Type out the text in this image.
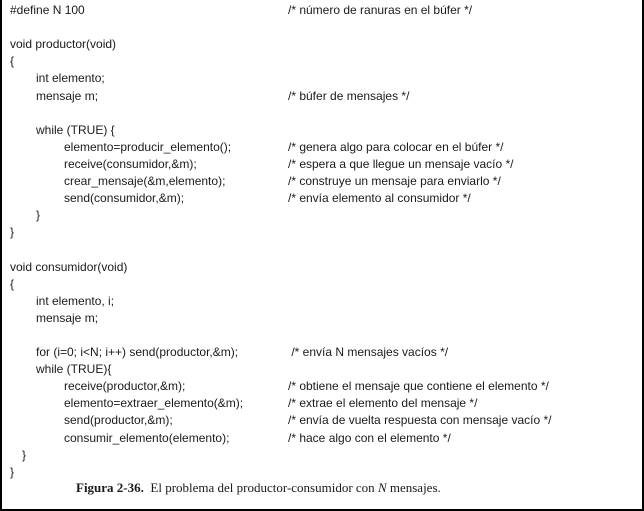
#define N 100	/* número de ranuras en el búfer */
void productor(void)
{
int elemento;
mensaje m;	/* búfer de mensajes */
while (TRUE) {
elemento=producir_elemento();	/* genera algo para colocar en el búfer */
receive(consumidor,&m);	/* espera a que llegue un mensaje vacío */
crear_mensaje(&m,elemento);	/* construye un mensaje para enviarlo */
send(consumidor,&m);	/* envía elemento al consumidor */
}
}
void consumidor(void)
{
int elemento, i;
mensaje m;
for (i=0; i<N; i++) send(productor,&m);	/* envía N mensajes vacíos */
while (TRUE){
receive(productor,&m);	/* obtiene el mensaje que contiene el elemento */
elemento=extraer_elemento(&m);	/* extrae el elemento del mensaje */
send(productor,&m);	/* envía de vuelta respuesta con mensaje vacío */
consumir_elemento(elemento);	/* hace algo con el elemento */
}
}
Figura 2-36.  El problema del productor-consumidor con N mensajes.
